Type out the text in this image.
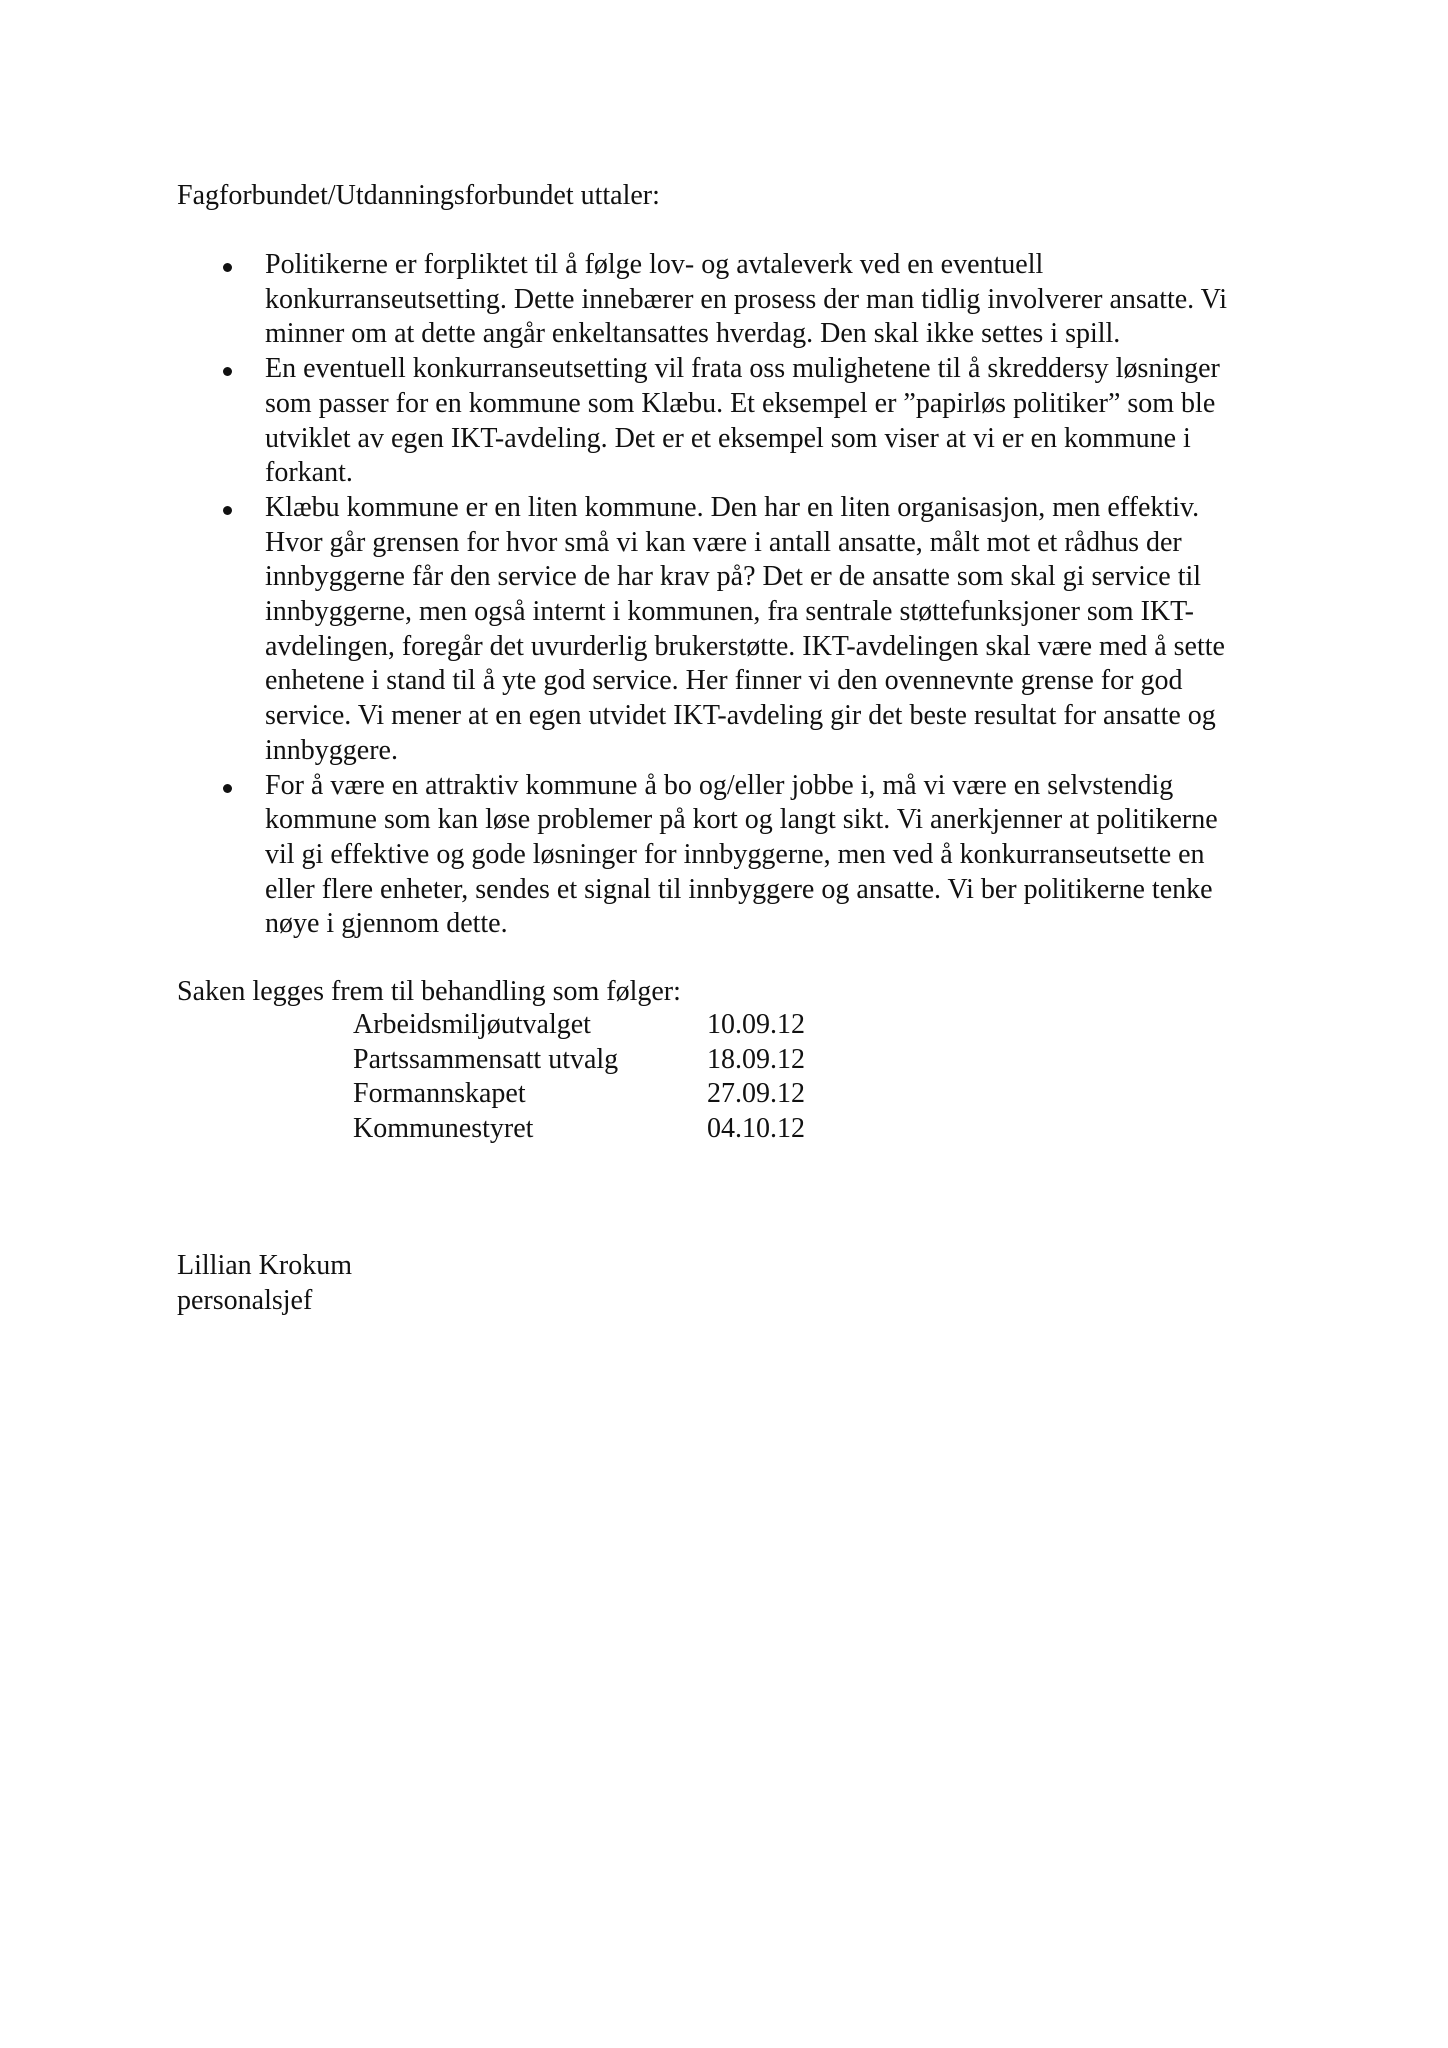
Fagforbundet/Utdanningsforbundet uttaler:

Politikerne er forpliktet til å følge lov- og avtaleverk ved en eventuell
konkurranseutsetting. Dette innebærer en prosess der man tidlig involverer ansatte. Vi
minner om at dette angår enkeltansattes hverdag. Den skal ikke settes i spill.
En eventuell konkurranseutsetting vil frata oss mulighetene til å skreddersy løsninger
som passer for en kommune som Klæbu. Et eksempel er ”papirløs politiker” som ble
utviklet av egen IKT-avdeling. Det er et eksempel som viser at vi er en kommune i
forkant.
Klæbu kommune er en liten kommune. Den har en liten organisasjon, men effektiv.
Hvor går grensen for hvor små vi kan være i antall ansatte, målt mot et rådhus der
innbyggerne får den service de har krav på? Det er de ansatte som skal gi service til
innbyggerne, men også internt i kommunen, fra sentrale støttefunksjoner som IKT-
avdelingen, foregår det uvurderlig brukerstøtte. IKT-avdelingen skal være med å sette
enhetene i stand til å yte god service. Her finner vi den ovennevnte grense for god
service. Vi mener at en egen utvidet IKT-avdeling gir det beste resultat for ansatte og
innbyggere.
For å være en attraktiv kommune å bo og/eller jobbe i, må vi være en selvstendig
kommune som kan løse problemer på kort og langt sikt. Vi anerkjenner at politikerne
vil gi effektive og gode løsninger for innbyggerne, men ved å konkurranseutsette en
eller flere enheter, sendes et signal til innbyggere og ansatte. Vi ber politikerne tenke
nøye i gjennom dette.

Saken legges frem til behandling som følger:

Arbeidsmiljøutvalget	10.09.12
Partssammensatt utvalg	18.09.12
Formannskapet	27.09.12
Kommunestyret	04.10.12

Lillian Krokum
personalsjef
